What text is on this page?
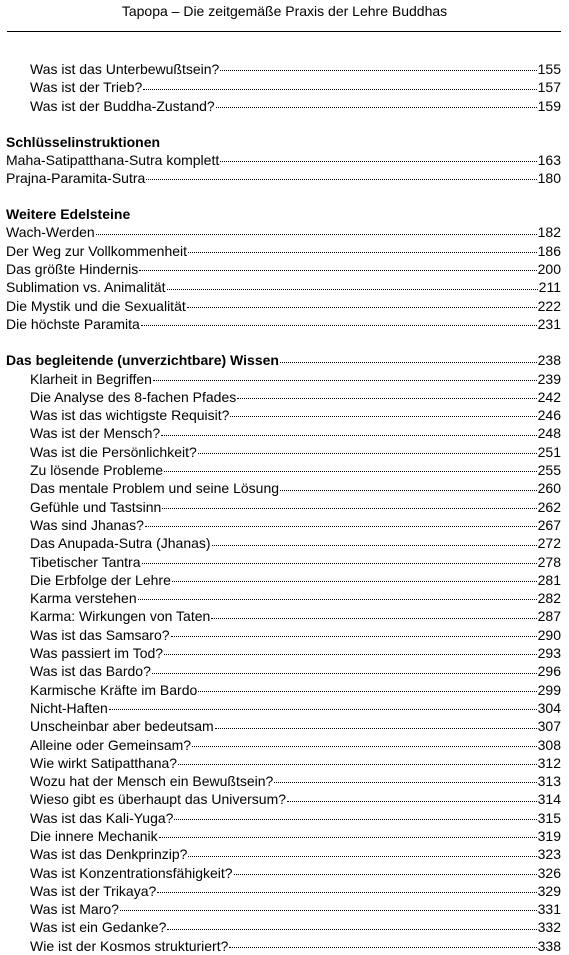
Tapopa – Die zeitgemäße Praxis der Lehre Buddhas
Was ist das Unterbewußtsein?	155
Was ist der Trieb?	157
Was ist der Buddha-Zustand?	159
Schlüsselinstruktionen
Maha-Satipatthana-Sutra komplett	163
Prajna-Paramita-Sutra	180
Weitere Edelsteine
Wach-Werden	182
Der Weg zur Vollkommenheit	186
Das größte Hindernis	200
Sublimation vs. Animalität	211
Die Mystik und die Sexualität	222
Die höchste Paramita	231
Das begleitende (unverzichtbare) Wissen	238
Klarheit in Begriffen	239
Die Analyse des 8-fachen Pfades	242
Was ist das wichtigste Requisit?	246
Was ist der Mensch?	248
Was ist die Persönlichkeit?	251
Zu lösende Probleme	255
Das mentale Problem und seine Lösung	260
Gefühle und Tastsinn	262
Was sind Jhanas?	267
Das Anupada-Sutra (Jhanas)	272
Tibetischer Tantra	278
Die Erbfolge der Lehre	281
Karma verstehen	282
Karma: Wirkungen von Taten	287
Was ist das Samsaro?	290
Was passiert im Tod?	293
Was ist das Bardo?	296
Karmische Kräfte im Bardo	299
Nicht-Haften	304
Unscheinbar aber bedeutsam	307
Alleine oder Gemeinsam?	308
Wie wirkt Satipatthana?	312
Wozu hat der Mensch ein Bewußtsein?	313
Wieso gibt es überhaupt das Universum?	314
Was ist das Kali-Yuga?	315
Die innere Mechanik	319
Was ist das Denkprinzip?	323
Was ist Konzentrationsfähigkeit?	326
Was ist der Trikaya?	329
Was ist Maro?	331
Was ist ein Gedanke?	332
Wie ist der Kosmos strukturiert?	338
